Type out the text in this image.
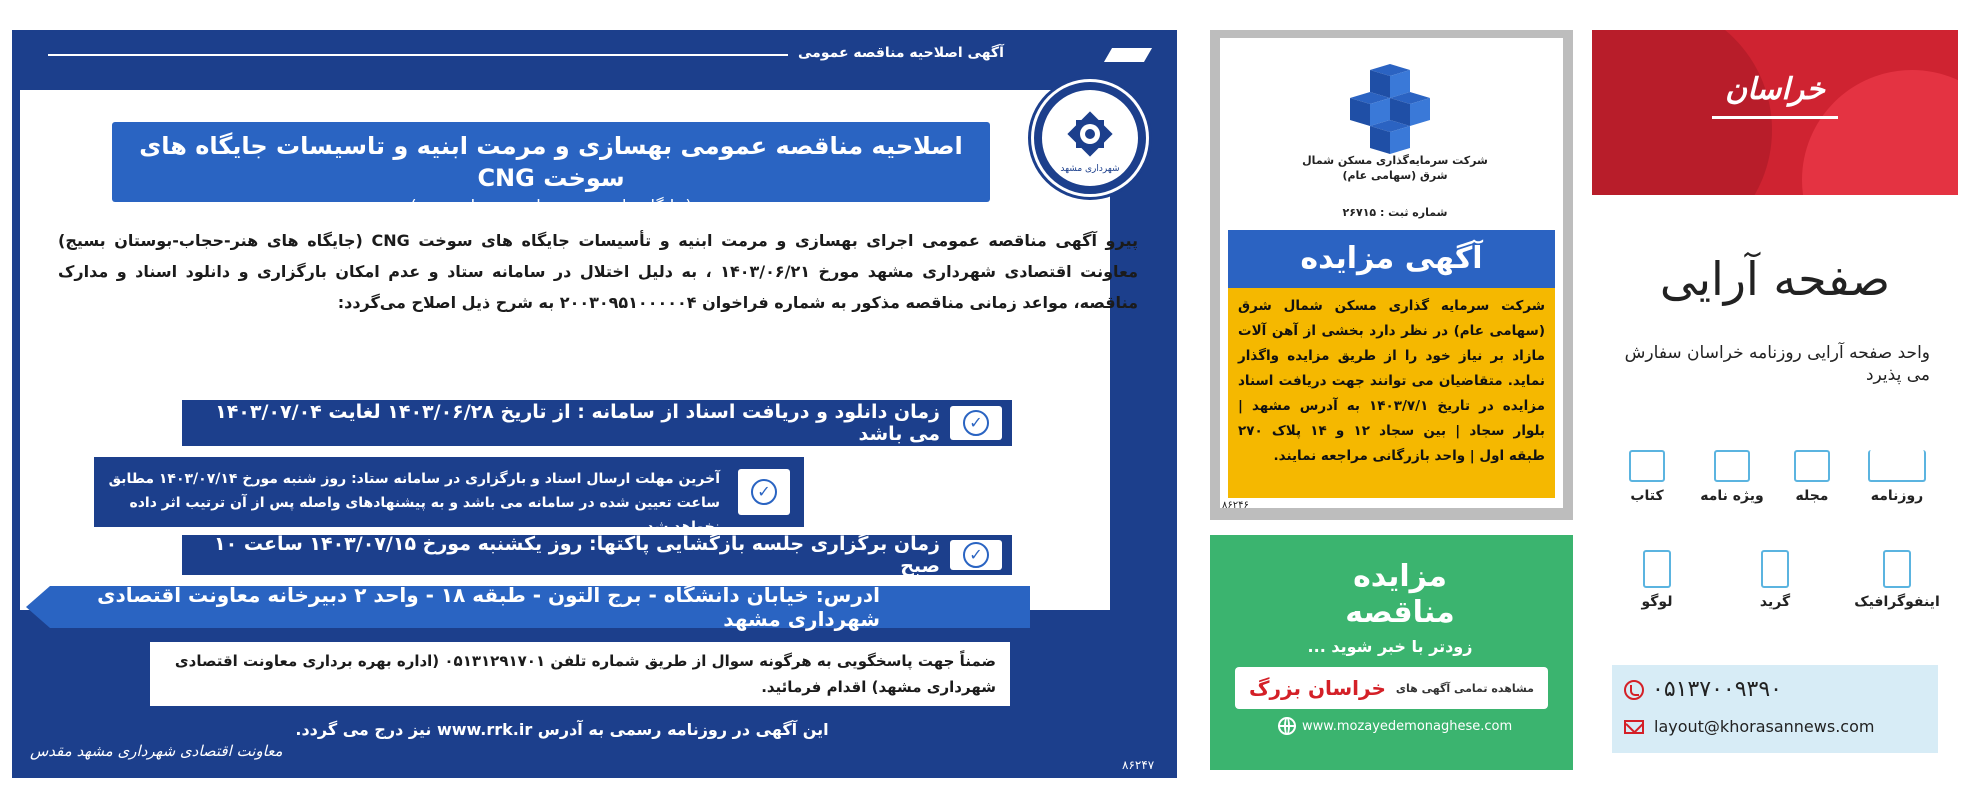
آگهی اصلاحیه مناقصه عمومی
شهرداری مشهد
اصلاحیه مناقصه عمومی بهسازی و مرمت ابنیه و تاسیسات جایگاه های سوخت CNG
(جایگاه های هنر - حجاب -بوستان بسیج)
پیرو آگهی مناقصه عمومی اجرای بهسازی و مرمت ابنیه و تأسیسات جایگاه های سوخت CNG (جایگاه های هنر-حجاب-بوستان بسیج) معاونت اقتصادی شهرداری مشهد مورخ ۱۴۰۳/۰۶/۲۱ ، به دلیل اختلال در سامانه ستاد و عدم امکان بارگزاری و دانلود اسناد و مدارک مناقصه، مواعد زمانی مناقصه مذکور به شماره فراخوان ۲۰۰۳۰۹۵۱۰۰۰۰۰۴ به شرح ذیل اصلاح می‌گردد:
زمان دانلود و دریافت اسناد از سامانه : از تاریخ ۱۴۰۳/۰۶/۲۸ لغایت ۱۴۰۳/۰۷/۰۴ می باشد
✓
آخرین مهلت ارسال اسناد و بارگزاری در سامانه ستاد: روز شنبه مورخ ۱۴۰۳/۰۷/۱۴ مطابق ساعت تعیین شده در سامانه می باشد و به پیشنهادهای واصله پس از آن ترتیب اثر داده نخواهد شد.
✓
زمان برگزاری جلسه بازگشایی پاکتها: روز یکشنبه مورخ ۱۴۰۳/۰۷/۱۵ ساعت ۱۰ صبح
✓
آدرس: خیابان دانشگاه - برج آلتون - طبقه ۱۸ - واحد ۲ دبیرخانه معاونت اقتصادی شهرداری مشهد
ضمناً جهت پاسخگویی به هرگونه سوال از طریق شماره تلفن ۰۵۱۳۱۲۹۱۷۰۱ (اداره بهره برداری معاونت اقتصادی شهرداری مشهد) اقدام فرمائید.
این آگهی در روزنامه رسمی به آدرس www.rrk.ir نیز درج می گردد.
معاونت اقتصادی شهرداری مشهد مقدس
۸۶۲۴۷
شرکت سرمایه‌گذاری مسکن شمال شرق (سهامی عام)
شماره ثبت : ۲۶۷۱۵
آگهی مزایده
شرکت سرمایه گذاری مسکن شمال شرق (سهامی عام) در نظر دارد بخشی از آهن آلات مازاد بر نیاز خود را از طریق مزایده واگذار نماید. متقاضیان می توانند جهت دریافت اسناد مزایده در تاریخ ۱۴۰۳/۷/۱ به آدرس مشهد | بلوار سجاد | بین سجاد ۱۲ و ۱۴ پلاک ۲۷۰ طبقه اول | واحد بازرگانی مراجعه نمایند.
۸۶۲۴۶
مزایده
مناقصه
زودتر با خبر شوید ...
مشاهده تمامی آگهی های
خراسان بزرگ
www.mozayedemonaghese.com
خراسان
صفحه آرایی
واحد صفحه آرایی روزنامه خراسان سفارش می پذیرد
روزنامه
مجله
ویژه نامه
کتاب
اینفوگرافیک
گرید
لوگو
۰۵۱۳۷۰۰۹۳۹۰
layout@khorasannews.com
